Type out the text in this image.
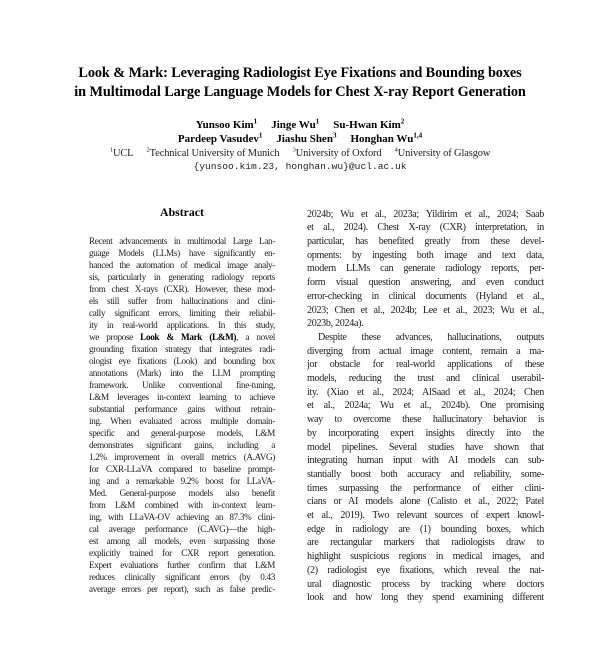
Look & Mark: Leveraging Radiologist Eye Fixations and Bounding boxes
in Multimodal Large Language Models for Chest X-ray Report Generation
Yunsoo Kim$^1$ Jinge Wu$^1$ Su-Hwan Kim$^2$
Pardeep Vasudev$^1$ Jiashu Shen$^3$ Honghan Wu$^{1,4}$
$^1$UCL $^2$Technical University of Munich $^3$University of Oxford $^4$University of Glasgow
{yunsoo.kim.23, honghan.wu}@ucl.ac.uk
Abstract
Recent advancements in multimodal Large Lan-
guage Models (LLMs) have significantly en-
hanced the automation of medical image analy-
sis, particularly in generating radiology reports
from chest X-rays (CXR). However, these mod-
els still suffer from hallucinations and clini-
cally significant errors, limiting their reliabil-
ity in real-world applications. In this study,
we propose Look & Mark (L&M), a novel
grounding fixation strategy that integrates radi-
ologist eye fixations (Look) and bounding box
annotations (Mark) into the LLM prompting
framework. Unlike conventional fine-tuning,
L&M leverages in-context learning to achieve
substantial performance gains without retrain-
ing. When evaluated across multiple domain-
specific and general-purpose models, L&M
demonstrates significant gains, including a
1.2% improvement in overall metrics (A.AVG)
for CXR-LLaVA compared to baseline prompt-
ing and a remarkable 9.2% boost for LLaVA-
Med. General-purpose models also benefit
from L&M combined with in-context learn-
ing, with LLaVA-OV achieving an 87.3% clini-
cal average performance (C.AVG)—the high-
est among all models, even surpassing those
explicitly trained for CXR report generation.
Expert evaluations further confirm that L&M
reduces clinically significant errors (by 0.43
average errors per report), such as false predic-
2024b; Wu et al., 2023a; Yildirim et al., 2024; Saab
et al., 2024). Chest X-ray (CXR) interpretation, in
particular, has benefited greatly from these devel-
opments: by ingesting both image and text data,
modern LLMs can generate radiology reports, per-
form visual question answering, and even conduct
error-checking in clinical documents (Hyland et al.,
2023; Chen et al., 2024b; Lee et al., 2023; Wu et al.,
2023b, 2024a).
Despite these advances, hallucinations, outputs
diverging from actual image content, remain a ma-
jor obstacle for real-world applications of these
models, reducing the trust and clinical userabil-
ity. (Xiao et al., 2024; AlSaad et al., 2024; Chen
et al., 2024a; Wu et al., 2024b). One promising
way to overcome these hallucinatory behavior is
by incorporating expert insights directly into the
model pipelines. Several studies have shown that
integrating human input with AI models can sub-
stantially boost both accuracy and reliability, some-
times surpassing the performance of either clini-
cians or AI models alone (Calisto et al., 2022; Patel
et al., 2019). Two relevant sources of expert knowl-
edge in radiology are (1) bounding boxes, which
are rectangular markers that radiologists draw to
highlight suspicious regions in medical images, and
(2) radiologist eye fixations, which reveal the nat-
ural diagnostic process by tracking where doctors
look and how long they spend examining different
